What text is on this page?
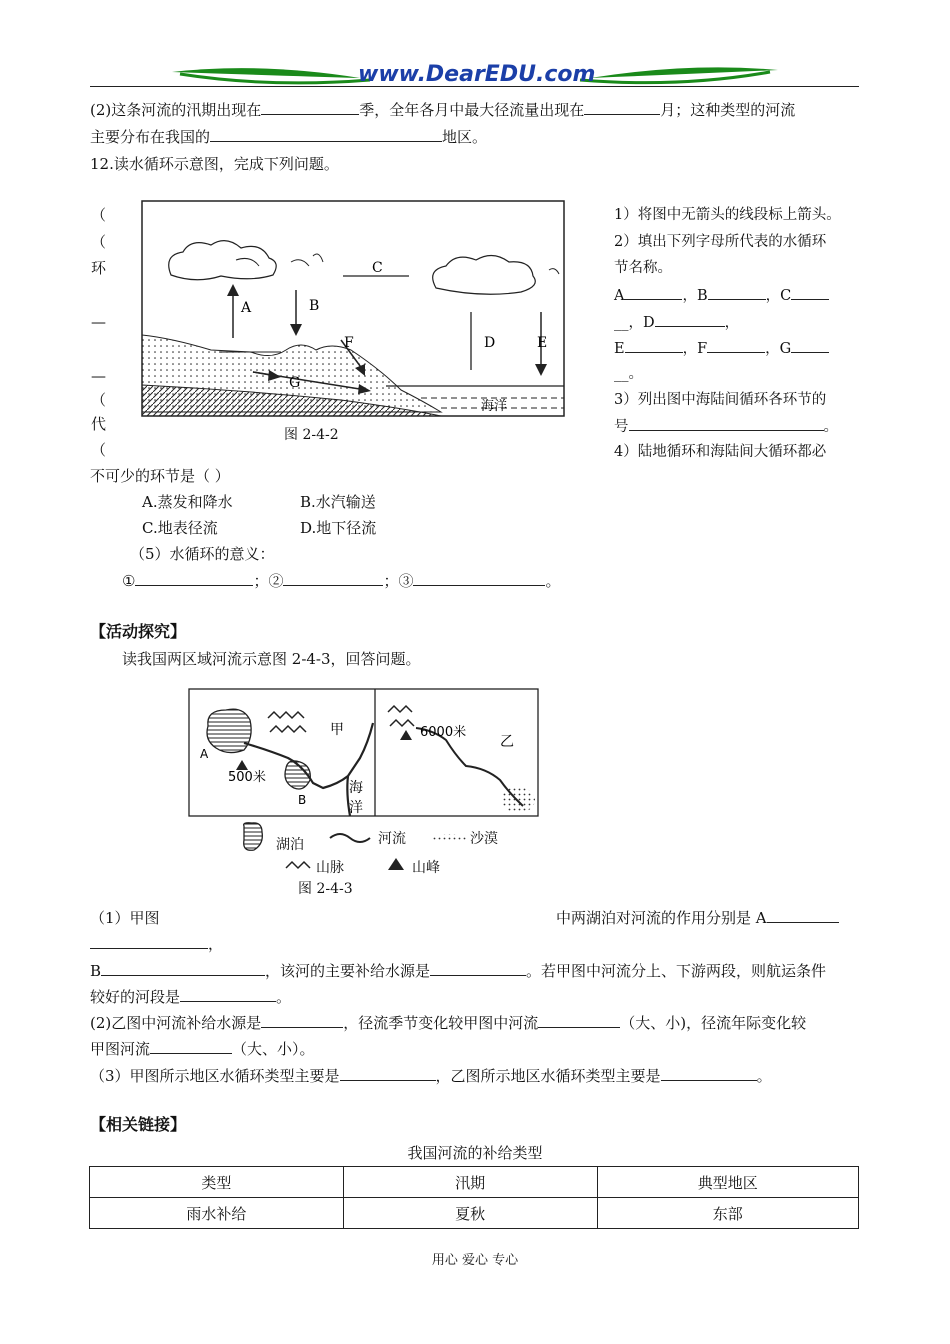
www.DearEDU.com
(2)这条河流的汛期出现在	季，全年各月中最大径流量出现在	月；这种类型的河流
主要分布在我国的	地区。
12.读水循环示意图，完成下列问题。
（
（
环
—
—
（
代
（
A	B
C
D	E
F
G
海洋
图 2-4-2
1）将图中无箭头的线段标上箭头。
2）填出下列字母所代表的水循环
节名称。
A	，B	，C
__，D	，
E	，F	，G
__。
3）列出图中海陆间循环各环节的
号	。
4）陆地循环和海陆间大循环都必
不可少的环节是（ ）
A.蒸发和降水	B.水汽输送
C.地表径流	D.地下径流
（5）水循环的意义：
①	；②	；③	。
【活动探究】
读我国两区域河流示意图 2-4-3，回答问题。
A
B
500米
甲
海
洋
6000米
乙
湖泊	河流	沙漠
山脉	山峰
图 2-4-3
（1）甲图	中两湖泊对河流的作用分别是 A
，
B	，该河的主要补给水源是	。若甲图中河流分上、下游两段，则航运条件
较好的河段是	。
(2)乙图中河流补给水源是	，径流季节变化较甲图中河流	（大、小)，径流年际变化较
甲图河流	（大、小）。
（3）甲图所示地区水循环类型主要是	，乙图所示地区水循环类型主要是	。
【相关链接】
我国河流的补给类型
类型	汛期	典型地区
雨水补给	夏秋	东部
用心 爱心 专心
